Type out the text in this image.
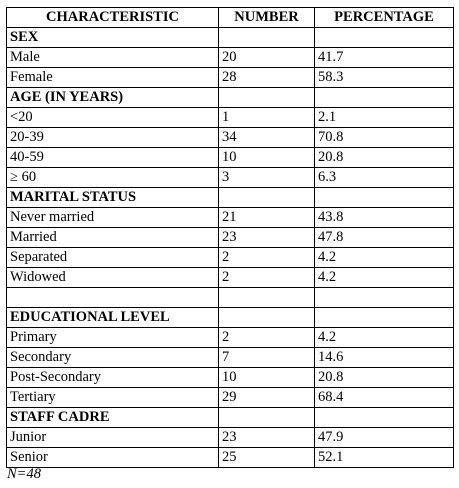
CHARACTERISTIC	NUMBER	PERCENTAGE
SEX		
Male	20	41.7
Female	28	58.3
AGE (IN YEARS)		
<20	1	2.1
20-39	34	70.8
40-59	10	20.8
≥ 60	3	6.3
MARITAL STATUS		
Never married	21	43.8
Married	23	47.8
Separated	2	4.2
Widowed	2	4.2

EDUCATIONAL LEVEL		
Primary	2	4.2
Secondary	7	14.6
Post-Secondary	10	20.8
Tertiary	29	68.4
STAFF CADRE		
Junior	23	47.9
Senior	25	52.1
N=48
